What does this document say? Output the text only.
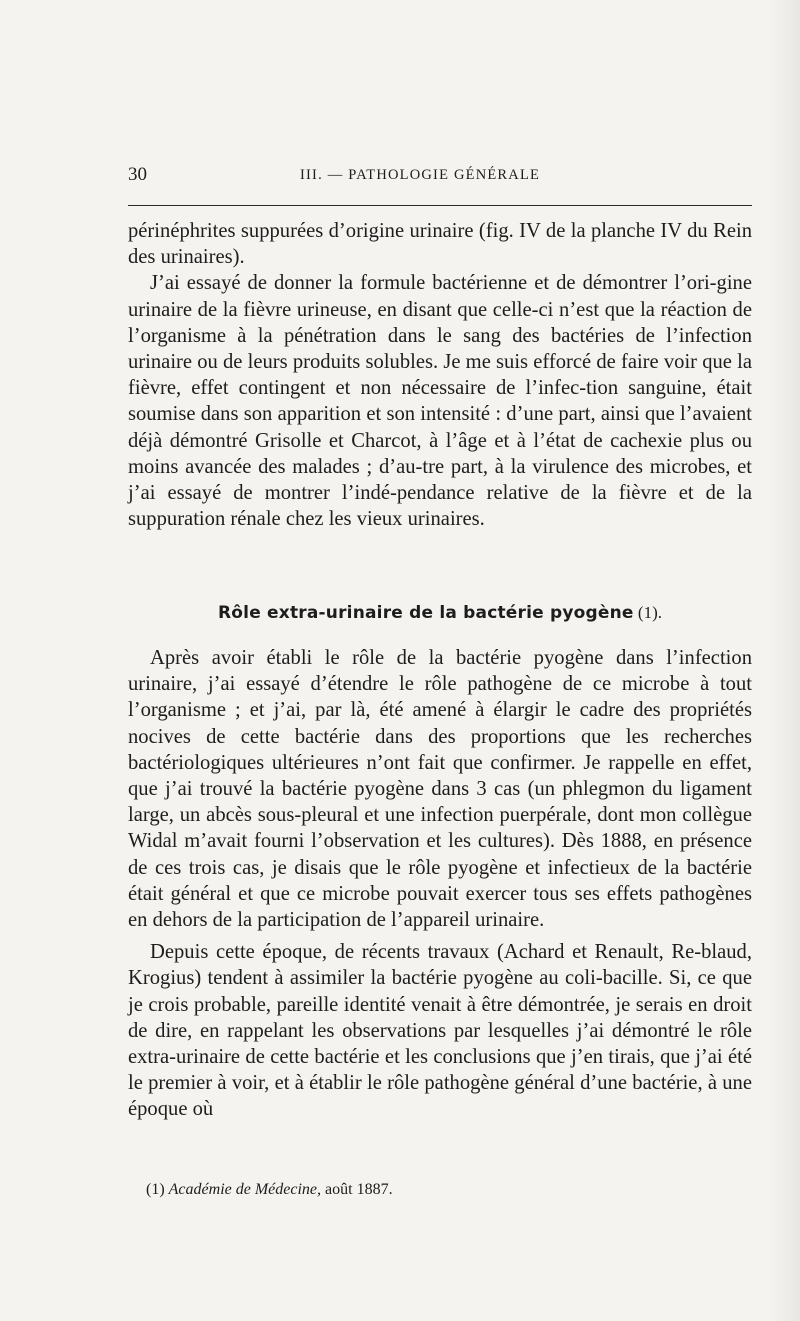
30	III. — PATHOLOGIE GÉNÉRALE

périnéphrites suppurées d’origine urinaire (fig. IV de la planche IV du Rein des urinaires).

J’ai essayé de donner la formule bactérienne et de démontrer l’ori-gine urinaire de la fièvre urineuse, en disant que celle-ci n’est que la réaction de l’organisme à la pénétration dans le sang des bactéries de l’infection urinaire ou de leurs produits solubles. Je me suis efforcé de faire voir que la fièvre, effet contingent et non nécessaire de l’infec-tion sanguine, était soumise dans son apparition et son intensité : d’une part, ainsi que l’avaient déjà démontré Grisolle et Charcot, à l’âge et à l’état de cachexie plus ou moins avancée des malades ; d’au-tre part, à la virulence des microbes, et j’ai essayé de montrer l’indé-pendance relative de la fièvre et de la suppuration rénale chez les vieux urinaires.

Rôle extra-urinaire de la bactérie pyogène (1).

Après avoir établi le rôle de la bactérie pyogène dans l’infection urinaire, j’ai essayé d’étendre le rôle pathogène de ce microbe à tout l’organisme ; et j’ai, par là, été amené à élargir le cadre des propriétés nocives de cette bactérie dans des proportions que les recherches bactériologiques ultérieures n’ont fait que confirmer. Je rappelle en effet, que j’ai trouvé la bactérie pyogène dans 3 cas (un phlegmon du ligament large, un abcès sous-pleural et une infection puerpérale, dont mon collègue Widal m’avait fourni l’observation et les cultures). Dès 1888, en présence de ces trois cas, je disais que le rôle pyogène et infectieux de la bactérie était général et que ce microbe pouvait exercer tous ses effets pathogènes en dehors de la participation de l’appareil urinaire.

Depuis cette époque, de récents travaux (Achard et Renault, Re-blaud, Krogius) tendent à assimiler la bactérie pyogène au coli-bacille. Si, ce que je crois probable, pareille identité venait à être démontrée, je serais en droit de dire, en rappelant les observations par lesquelles j’ai démontré le rôle extra-urinaire de cette bactérie et les conclusions que j’en tirais, que j’ai été le premier à voir, et à établir le rôle pathogène général d’une bactérie, à une époque où

(1) Académie de Médecine, août 1887.
